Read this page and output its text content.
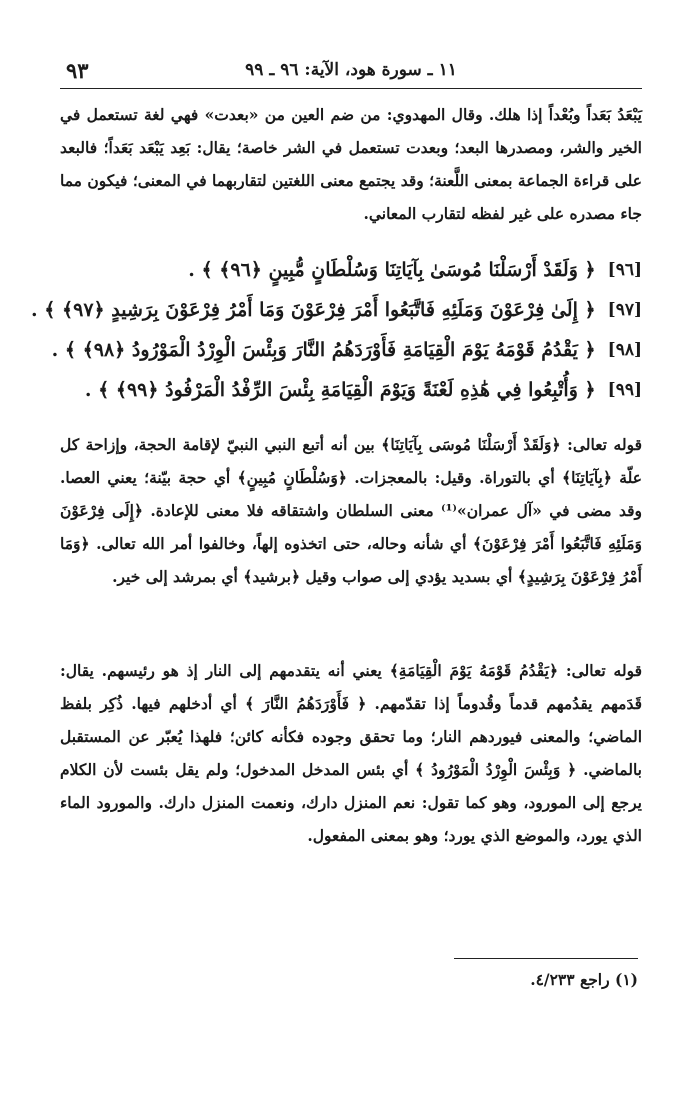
١١ ـ سورة هود، الآية: ٩٦ ـ ٩٩
٩٣

يَبْعَدُ بَعَداً وبُعْداً إذا هلك. وقال المهدوي: من ضم العين من «بعدت» فهي لغة تستعمل في الخير والشر، ومصدرها البعد؛ وبعدت تستعمل في الشر خاصة؛ يقال: بَعِد يَبْعَد بَعَداً؛ فالبعد على قراءة الجماعة بمعنى اللَّعنة؛ وقد يجتمع معنى اللغتين لتقاربهما في المعنى؛ فيكون مما جاء مصدره على غير لفظه لتقارب المعاني.

[٩٦]
﴿ وَلَقَدْ أَرْسَلْنَا مُوسَىٰ بِآيَاتِنَا وَسُلْطَانٍ مُّبِينٍ ﴿٩٦﴾ ﴾ .
[٩٧]
﴿ إِلَىٰ فِرْعَوْنَ وَمَلَئِهِ فَاتَّبَعُوا أَمْرَ فِرْعَوْنَ وَمَا أَمْرُ فِرْعَوْنَ بِرَشِيدٍ ﴿٩٧﴾ ﴾ .
[٩٨]
﴿ يَقْدُمُ قَوْمَهُ يَوْمَ الْقِيَامَةِ فَأَوْرَدَهُمُ النَّارَ وَبِئْسَ الْوِرْدُ الْمَوْرُودُ ﴿٩٨﴾ ﴾ .
[٩٩]
﴿ وَأُتْبِعُوا فِي هَٰذِهِ لَعْنَةً وَيَوْمَ الْقِيَامَةِ بِئْسَ الرِّفْدُ الْمَرْفُودُ ﴿٩٩﴾ ﴾ .

قوله تعالى: ﴿وَلَقَدْ أَرْسَلْنَا مُوسَى بِآيَاتِنَا﴾ بين أنه أتبع النبي النبيّ لإقامة الحجة، وإزاحة كل علّة ﴿بِآيَاتِنَا﴾ أي بالتوراة. وقيل: بالمعجزات. ﴿وَسُلْطَانٍ مُبِينٍ﴾ أي حجة بيّنة؛ يعني العصا. وقد مضى في «آل عمران»⁽¹⁾ معنى السلطان واشتقاقه فلا معنى للإعادة. ﴿إِلَى فِرْعَوْنَ وَمَلَئِهِ فَاتَّبَعُوا أَمْرَ فِرْعَوْنَ﴾ أي شأنه وحاله، حتى اتخذوه إلهاً، وخالفوا أمر الله تعالى. ﴿وَمَا أَمْرُ فِرْعَوْنَ بِرَشِيدٍ﴾ أي بسديد يؤدي إلى صواب وقيل ﴿برشيد﴾ أي بمرشد إلى خير.

قوله تعالى: ﴿يَقْدُمُ قَوْمَهُ يَوْمَ الْقِيَامَةِ﴾ يعني أنه يتقدمهم إلى النار إذ هو رئيسهم. يقال: قَدَمهم يقدُمهم قدماً وقُدوماً إذا تقدّمهم. ﴿ فَأَوْرَدَهُمُ النَّارَ ﴾ أي أدخلهم فيها. ذُكِر بلفظ الماضي؛ والمعنى فيوردهم النار؛ وما تحقق وجوده فكأنه كائن؛ فلهذا يُعبّر عن المستقبل بالماضي. ﴿ وَبِئْسَ الْوِرْدُ الْمَوْرُودُ ﴾ أي بئس المدخل المدخول؛ ولم يقل بئست لأن الكلام يرجع إلى المورود، وهو كما تقول: نعم المنزل دارك، ونعمت المنزل دارك. والمورود الماء الذي يورد، والموضع الذي يورد؛ وهو بمعنى المفعول.

(١) راجع ٤/٢٣٣.
